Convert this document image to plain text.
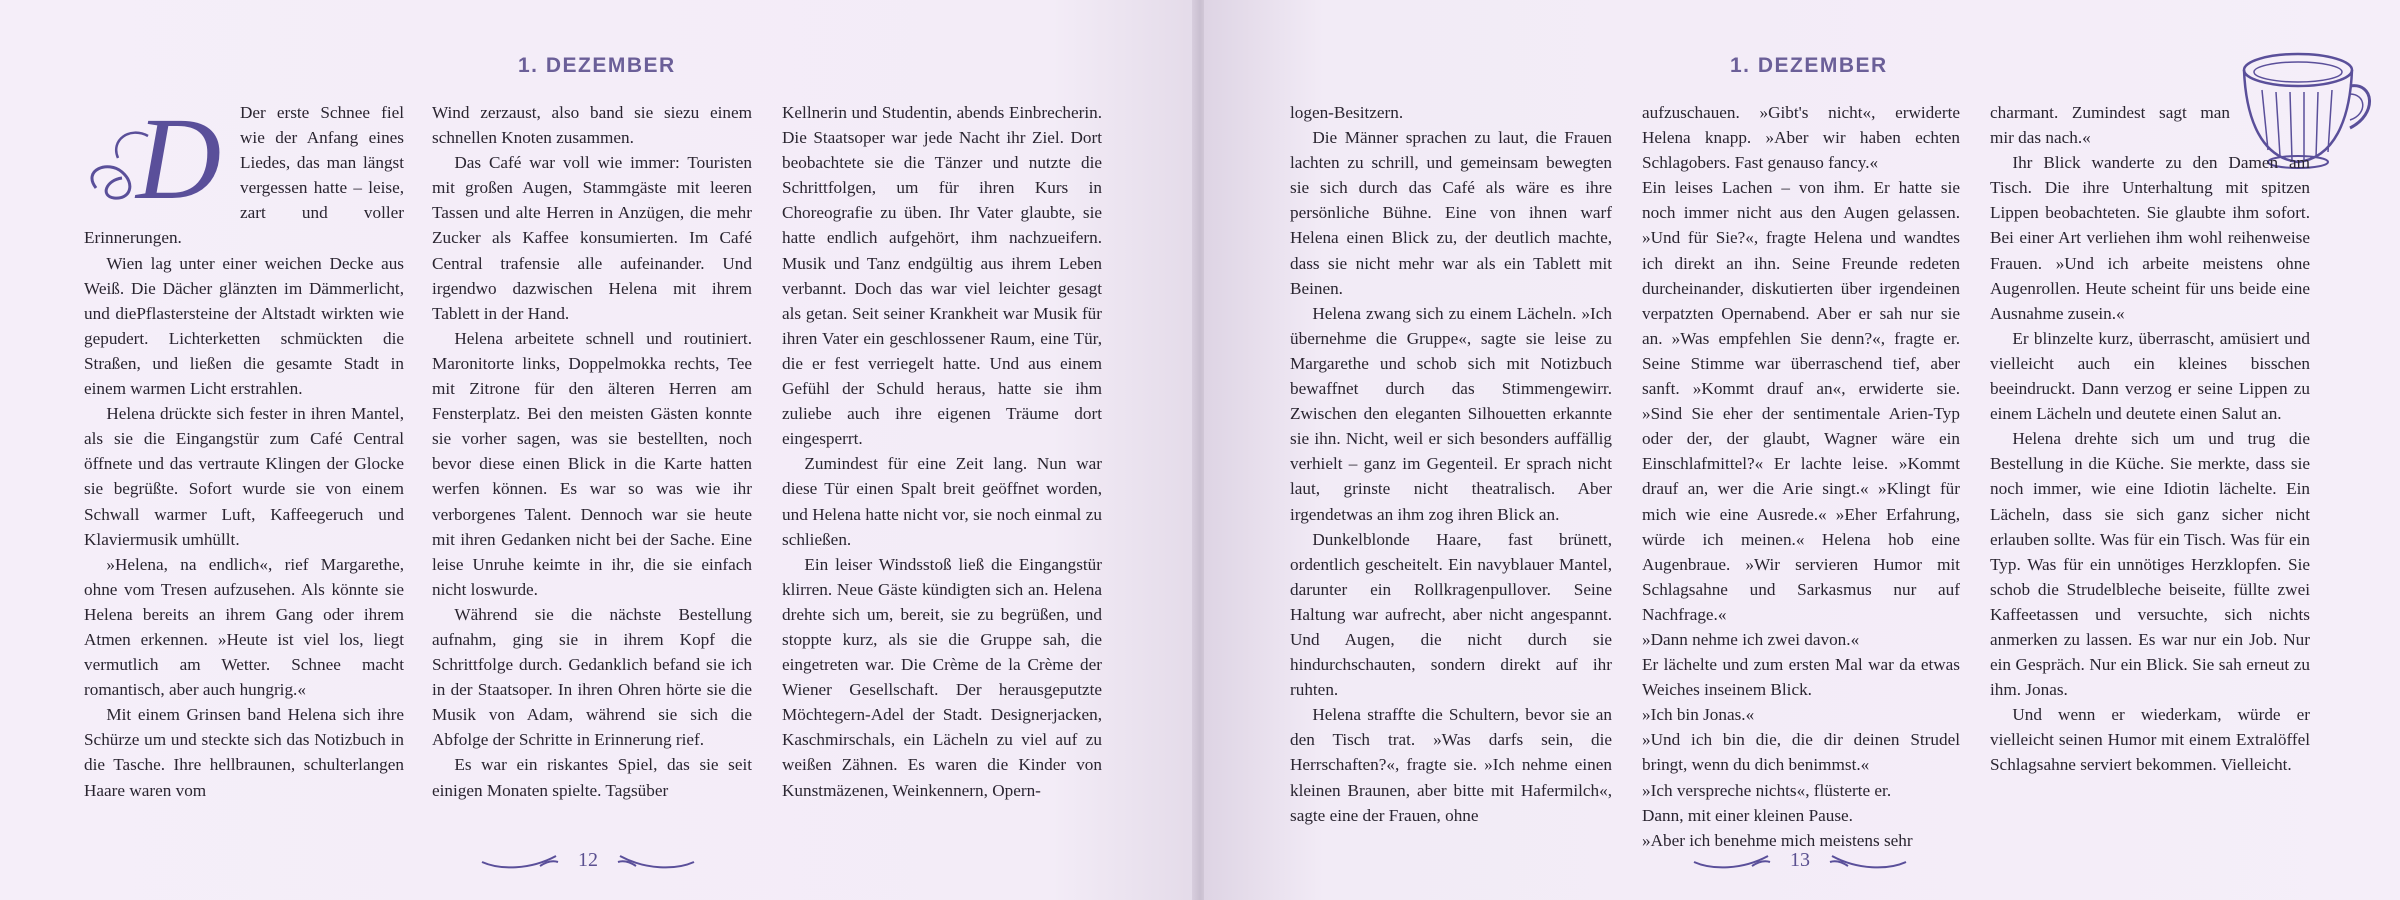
1. DEZEMBER
D	Der erste Schnee fiel wie der Anfang eines Liedes, das man längst vergessen hatte – leise, zart und voller Erinnerungen.

Wien lag unter einer weichen Decke aus Weiß. Die Dächer glänzten im Dämmerlicht, und diePflastersteine der Altstadt wirkten wie gepudert. Lichterketten schmückten die Straßen, und ließen die gesamte Stadt in einem warmen Licht erstrahlen.

Helena drückte sich fester in ihren Mantel, als sie die Eingangstür zum Café Central öffnete und das vertraute Klingen der Glocke sie begrüßte. Sofort wurde sie von einem Schwall warmer Luft, Kaffeegeruch und Klaviermusik umhüllt.

»Helena, na endlich«, rief Margarethe, ohne vom Tresen aufzusehen. Als könnte sie Helena bereits an ihrem Gang oder ihrem Atmen erkennen. »Heute ist viel los, liegt vermutlich am Wetter. Schnee macht romantisch, aber auch hungrig.«

Mit einem Grinsen band Helena sich ihre Schürze um und steckte sich das Notizbuch in die Tasche. Ihre hellbraunen, schulterlangen Haare waren vom

Wind zerzaust, also band sie siezu einem schnellen Knoten zusammen.

Das Café war voll wie immer: Touristen mit großen Augen, Stammgäste mit leeren Tassen und alte Herren in Anzügen, die mehr Zucker als Kaffee konsumierten. Im Café Central trafensie alle aufeinander. Und irgendwo dazwischen Helena mit ihrem Tablett in der Hand.

Helena arbeitete schnell und routiniert. Maronitorte links, Doppelmokka rechts, Tee mit Zitrone für den älteren Herren am Fensterplatz. Bei den meisten Gästen konnte sie vorher sagen, was sie bestellten, noch bevor diese einen Blick in die Karte hatten werfen können. Es war so was wie ihr verborgenes Talent. Dennoch war sie heute mit ihren Gedanken nicht bei der Sache. Eine leise Unruhe keimte in ihr, die sie einfach nicht loswurde.

Während sie die nächste Bestellung aufnahm, ging sie in ihrem Kopf die Schrittfolge durch. Gedanklich befand sie ich in der Staatsoper. In ihren Ohren hörte sie die Musik von Adam, während sie sich die Abfolge der Schritte in Erinnerung rief.

Es war ein riskantes Spiel, das sie seit einigen Monaten spielte. Tagsüber

Kellnerin und Studentin, abends Einbrecherin. Die Staatsoper war jede Nacht ihr Ziel. Dort beobachtete sie die Tänzer und nutzte die Schrittfolgen, um für ihren Kurs in Choreografie zu üben. Ihr Vater glaubte, sie hatte endlich aufgehört, ihm nachzueifern. Musik und Tanz endgültig aus ihrem Leben verbannt. Doch das war viel leichter gesagt als getan. Seit seiner Krankheit war Musik für ihren Vater ein geschlossener Raum, eine Tür, die er fest verriegelt hatte. Und aus einem Gefühl der Schuld heraus, hatte sie ihm zuliebe auch ihre eigenen Träume dort eingesperrt.

Zumindest für eine Zeit lang. Nun war diese Tür einen Spalt breit geöffnet worden, und Helena hatte nicht vor, sie noch einmal zu schließen.

Ein leiser Windsstoß ließ die Eingangstür klirren. Neue Gäste kündigten sich an. Helena drehte sich um, bereit, sie zu begrüßen, und stoppte kurz, als sie die Gruppe sah, die eingetreten war. Die Crème de la Crème der Wiener Gesellschaft. Der herausgeputzte Möchtegern-Adel der Stadt. Designerjacken, Kaschmirschals, ein Lächeln zu viel auf zu weißen Zähnen. Es waren die Kinder von Kunstmäzenen, Weinkennern, Opern-

12
1. DEZEMBER

logen-Besitzern.

Die Männer sprachen zu laut, die Frauen lachten zu schrill, und gemeinsam bewegten sie sich durch das Café als wäre es ihre persönliche Bühne. Eine von ihnen warf Helena einen Blick zu, der deutlich machte, dass sie nicht mehr war als ein Tablett mit Beinen.

Helena zwang sich zu einem Lächeln. »Ich übernehme die Gruppe«, sagte sie leise zu Margarethe und schob sich mit Notizbuch bewaffnet durch das Stimmengewirr. Zwischen den eleganten Silhouetten erkannte sie ihn. Nicht, weil er sich besonders auffällig verhielt – ganz im Gegenteil. Er sprach nicht laut, grinste nicht theatralisch. Aber irgendetwas an ihm zog ihren Blick an.

Dunkelblonde Haare, fast brünett, ordentlich gescheitelt. Ein navyblauer Mantel, darunter ein Rollkragenpullover. Seine Haltung war aufrecht, aber nicht angespannt. Und Augen, die nicht durch sie hindurchschauten, sondern direkt auf ihr ruhten.

Helena straffte die Schultern, bevor sie an den Tisch trat. »Was darfs sein, die Herrschaften?«, fragte sie. »Ich nehme einen kleinen Braunen, aber bitte mit Hafermilch«, sagte eine der Frauen, ohne

aufzuschauen. »Gibt's nicht«, erwiderte Helena knapp. »Aber wir haben echten Schlagobers. Fast genauso fancy.«

Ein leises Lachen – von ihm. Er hatte sie noch immer nicht aus den Augen gelassen. »Und für Sie?«, fragte Helena und wandtes ich direkt an ihn. Seine Freunde redeten durcheinander, diskutierten über irgendeinen verpatzten Opernabend. Aber er sah nur sie an. »Was empfehlen Sie denn?«, fragte er. Seine Stimme war überraschend tief, aber sanft. »Kommt drauf an«, erwiderte sie. »Sind Sie eher der sentimentale Arien-Typ oder der, der glaubt, Wagner wäre ein Einschlafmittel?« Er lachte leise. »Kommt drauf an, wer die Arie singt.« »Klingt für mich wie eine Ausrede.« »Eher Erfahrung, würde ich meinen.« Helena hob eine Augenbraue. »Wir servieren Humor mit Schlagsahne und Sarkasmus nur auf Nachfrage.«

»Dann nehme ich zwei davon.«

Er lächelte und zum ersten Mal war da etwas Weiches inseinem Blick.

»Ich bin Jonas.«

»Und ich bin die, die dir deinen Strudel bringt, wenn du dich benimmst.«

»Ich verspreche nichts«, flüsterte er.

Dann, mit einer kleinen Pause.

»Aber ich benehme mich meistens sehr

charmant. Zumindest sagt man mir das nach.«

Ihr Blick wanderte zu den Damen am Tisch. Die ihre Unterhaltung mit spitzen Lippen beobachteten. Sie glaubte ihm sofort. Bei einer Art verliehen ihm wohl reihenweise Frauen. »Und ich arbeite meistens ohne Augenrollen. Heute scheint für uns beide eine Ausnahme zusein.«

Er blinzelte kurz, überrascht, amüsiert und vielleicht auch ein kleines bisschen beeindruckt. Dann verzog er seine Lippen zu einem Lächeln und deutete einen Salut an.

Helena drehte sich um und trug die Bestellung in die Küche. Sie merkte, dass sie noch immer, wie eine Idiotin lächelte. Ein Lächeln, dass sie sich ganz sicher nicht erlauben sollte. Was für ein Tisch. Was für ein Typ. Was für ein unnötiges Herzklopfen. Sie schob die Strudelbleche beiseite, füllte zwei Kaffeetassen und versuchte, sich nichts anmerken zu lassen. Es war nur ein Job. Nur ein Gespräch. Nur ein Blick. Sie sah erneut zu ihm. Jonas.

Und wenn er wiederkam, würde er vielleicht seinen Humor mit einem Extralöffel Schlagsahne serviert bekommen. Vielleicht.

13
